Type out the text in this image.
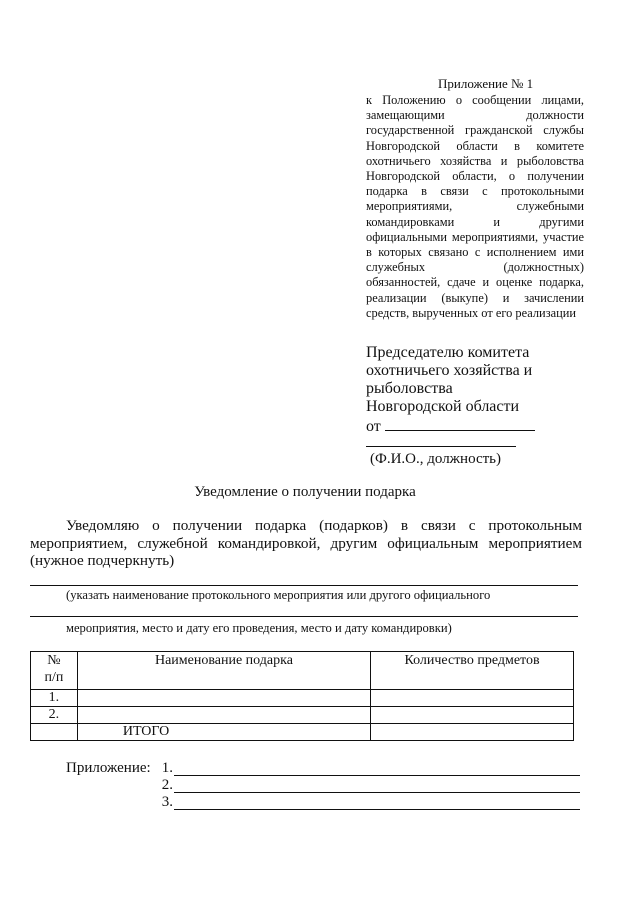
Приложение № 1
к Положению о сообщении лицами, замещающими должности государственной гражданской службы Новгородской области в комитете охотничьего хозяйства и рыболовства Новгородской области, о получении подарка в связи с протокольными мероприятиями, служебными командировками и другими официальными мероприятиями, участие в которых связано с исполнением ими служебных (должностных) обязанностей, сдаче и оценке подарка, реализации (выкупе) и зачислении средств, вырученных от его реализации
Председателю комитета
охотничьего хозяйства и
рыболовства
Новгородской области
от
(Ф.И.О., должность)
Уведомление о получении подарка
Уведомляю о получении подарка (подарков) в связи с протокольным мероприятием, служебной командировкой, другим официальным мероприятием (нужное подчеркнуть)
(указать наименование протокольного мероприятия или другого официального
мероприятия, место и дату его проведения, место и дату командировки)
№
п/п	Наименование подарка	Количество предметов
1.		
2.		
	ИТОГО	
Приложение: 1.
2.
3.
